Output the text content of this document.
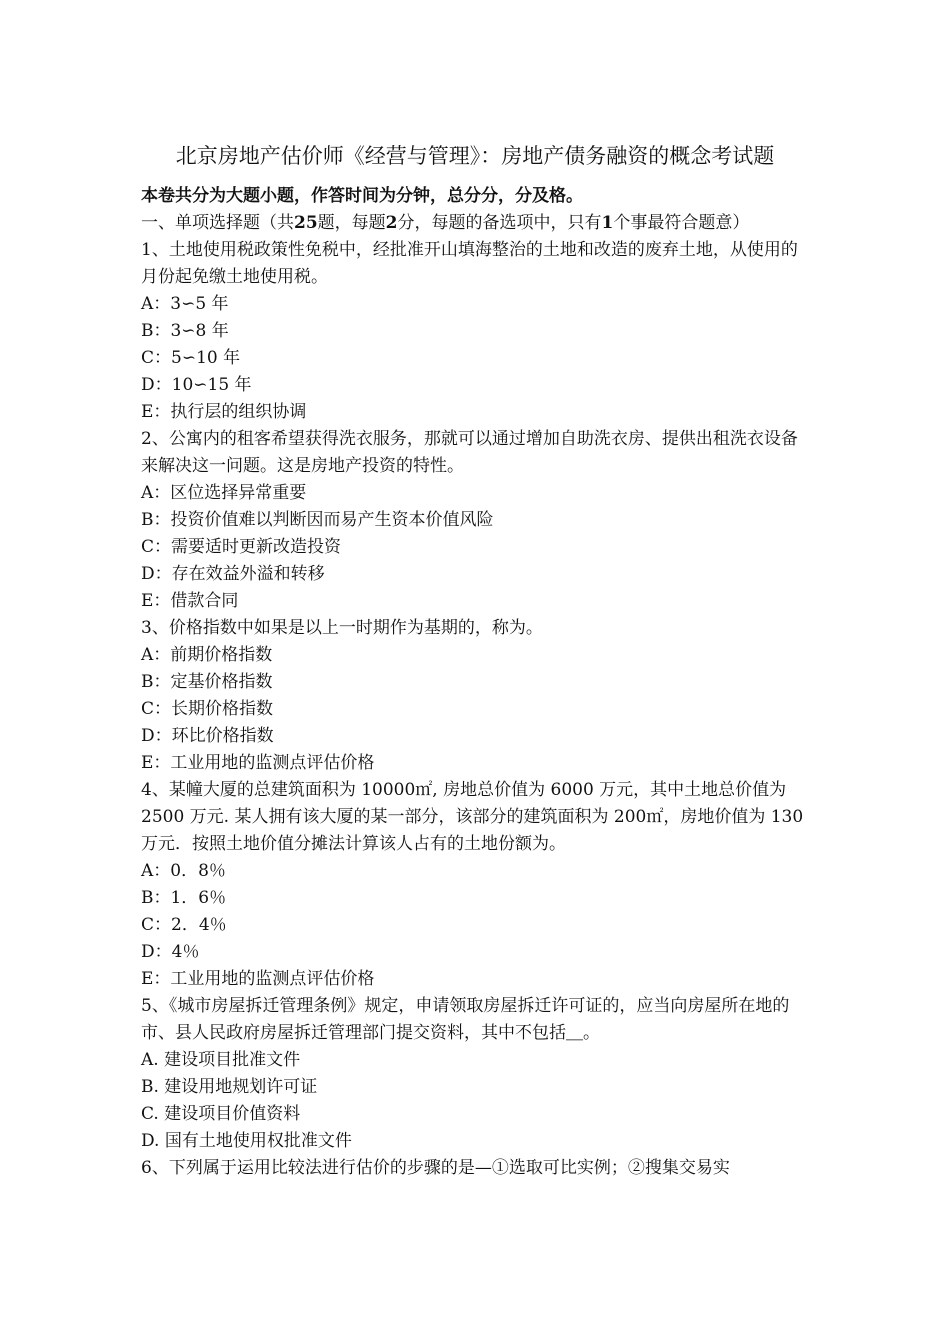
北京房地产估价师《经营与管理》：房地产债务融资的概念考试题
本卷共分为大题小题，作答时间为分钟，总分分，分及格。

一、单项选择题（共25题，每题2分，每题的备选项中，只有1个事最符合题意）

1、土地使用税政策性免税中，经批准开山填海整治的土地和改造的废弃土地，从使用的月份起免缴土地使用税。

A：3∽5 年

B：3∽8 年

C：5∽10 年

D：10∽15 年

E：执行层的组织协调

2、公寓内的租客希望获得洗衣服务，那就可以通过增加自助洗衣房、提供出租洗衣设备来解决这一问题。这是房地产投资的特性。

A：区位选择异常重要

B：投资价值难以判断因而易产生资本价值风险

C：需要适时更新改造投资

D：存在效益外溢和转移

E：借款合同

3、价格指数中如果是以上一时期作为基期的，称为。

A：前期价格指数

B：定基价格指数

C：长期价格指数

D：环比价格指数

E：工业用地的监测点评估价格

4、某幢大厦的总建筑面积为 10000㎡, 房地总价值为 6000 万元，其中土地总价值为 2500 万元. 某人拥有该大厦的某一部分，该部分的建筑面积为 200㎡，房地价值为 130 万元．按照土地价值分摊法计算该人占有的土地份额为。

A：0．8％

B：1．6％

C：2．4％

D：4％

E：工业用地的监测点评估价格

5、《城市房屋拆迁管理条例》规定，申请领取房屋拆迁许可证的，应当向房屋所在地的市、县人民政府房屋拆迁管理部门提交资料，其中不包括＿。

A. 建设项目批准文件

B. 建设用地规划许可证

C. 建设项目价值资料

D. 国有土地使用权批准文件

6、下列属于运用比较法进行估价的步骤的是—①选取可比实例；②搜集交易实
